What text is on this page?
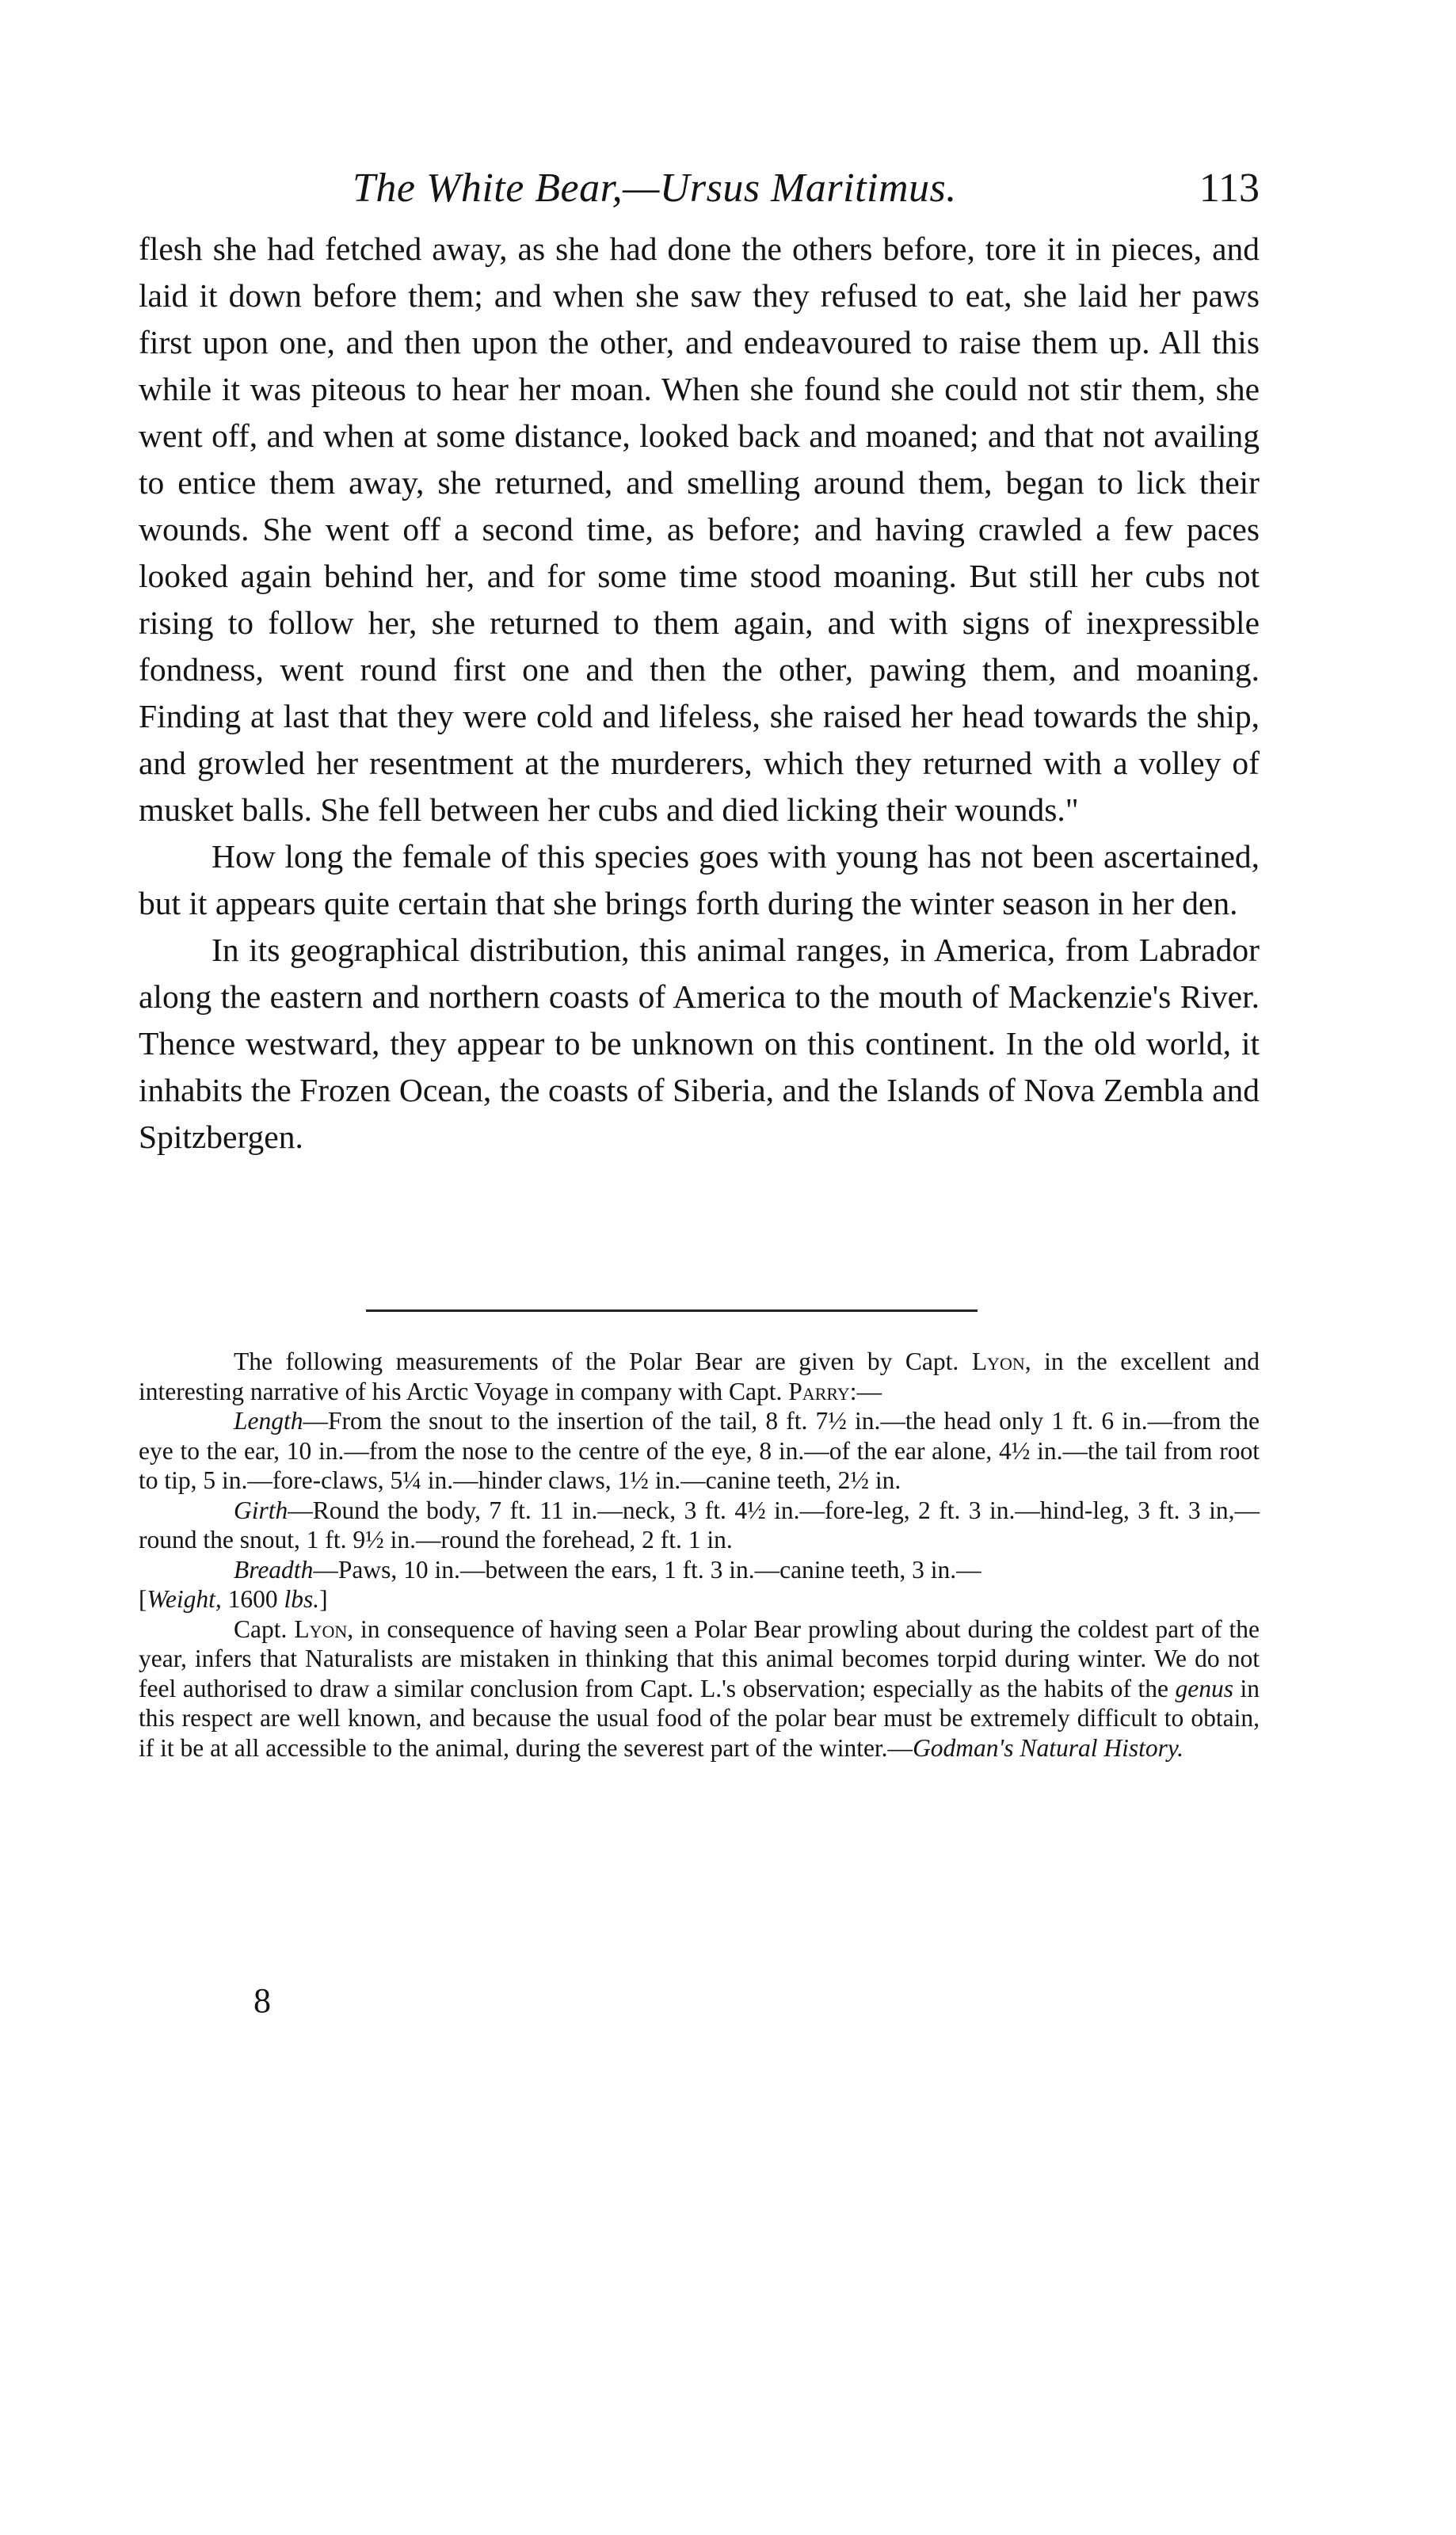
The White Bear,—Ursus Maritimus.	113

flesh she had fetched away, as she had done the others before, tore it in pieces, and laid it down before them; and when she saw they refused to eat, she laid her paws first upon one, and then upon the other, and endeavoured to raise them up. All this while it was piteous to hear her moan. When she found she could not stir them, she went off, and when at some distance, looked back and moaned; and that not availing to entice them away, she returned, and smelling around them, began to lick their wounds. She went off a second time, as before; and having crawled a few paces looked again behind her, and for some time stood moaning. But still her cubs not rising to follow her, she returned to them again, and with signs of inexpressible fondness, went round first one and then the other, pawing them, and moaning. Finding at last that they were cold and lifeless, she raised her head towards the ship, and growled her resentment at the murderers, which they returned with a volley of musket balls. She fell between her cubs and died licking their wounds."

How long the female of this species goes with young has not been ascertained, but it appears quite certain that she brings forth during the winter season in her den.

In its geographical distribution, this animal ranges, in America, from Labrador along the eastern and northern coasts of America to the mouth of Mackenzie's River. Thence westward, they appear to be unknown on this continent. In the old world, it inhabits the Frozen Ocean, the coasts of Siberia, and the Islands of Nova Zembla and Spitzbergen.

The following measurements of the Polar Bear are given by Capt. Lyon, in the excellent and interesting narrative of his Arctic Voyage in company with Capt. Parry:—

Length—From the snout to the insertion of the tail, 8 ft. 7½ in.—the head only 1 ft. 6 in.—from the eye to the ear, 10 in.—from the nose to the centre of the eye, 8 in.—of the ear alone, 4½ in.—the tail from root to tip, 5 in.—fore-claws, 5¼ in.—hinder claws, 1½ in.—canine teeth, 2½ in.

Girth—Round the body, 7 ft. 11 in.—neck, 3 ft. 4½ in.—fore-leg, 2 ft. 3 in.—hind-leg, 3 ft. 3 in,—round the snout, 1 ft. 9½ in.—round the forehead, 2 ft. 1 in.

Breadth—Paws, 10 in.—between the ears, 1 ft. 3 in.—canine teeth, 3 in.—

[Weight, 1600 lbs.]

Capt. Lyon, in consequence of having seen a Polar Bear prowling about during the coldest part of the year, infers that Naturalists are mistaken in thinking that this animal becomes torpid during winter. We do not feel authorised to draw a similar conclusion from Capt. L.'s observation; especially as the habits of the genus in this respect are well known, and because the usual food of the polar bear must be extremely difficult to obtain, if it be at all accessible to the animal, during the severest part of the winter.—Godman's Natural History.

8
